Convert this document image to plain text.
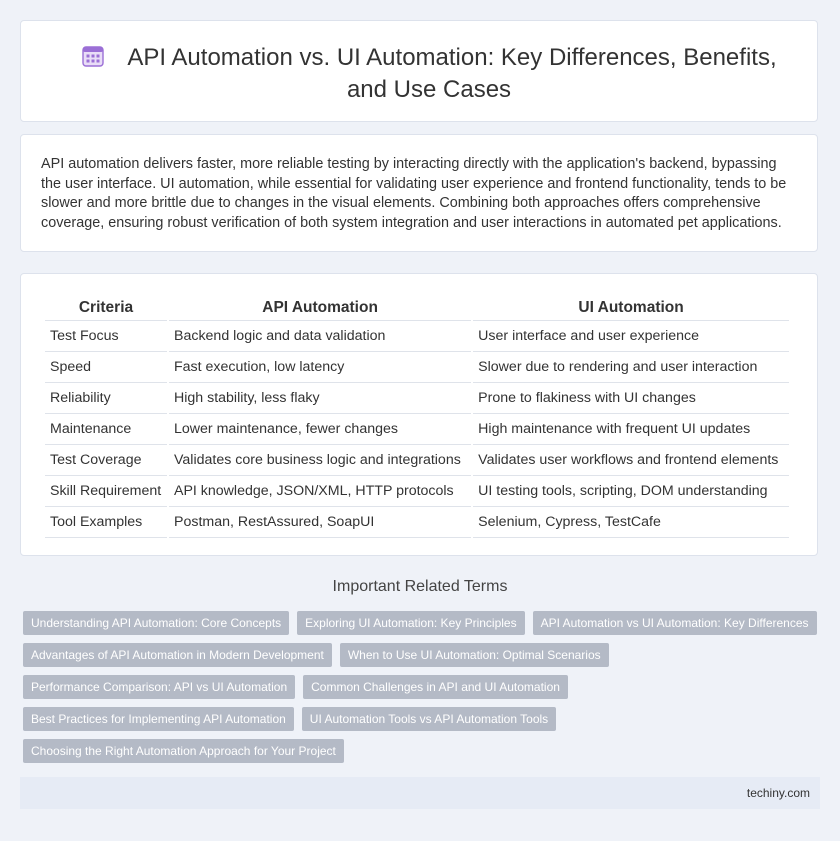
API Automation vs. UI Automation: Key Differences, Benefits, and Use Cases

API automation delivers faster, more reliable testing by interacting directly with the application's backend, bypassing the user interface. UI automation, while essential for validating user experience and frontend functionality, tends to be slower and more brittle due to changes in the visual elements. Combining both approaches offers comprehensive coverage, ensuring robust verification of both system integration and user interactions in automated pet applications.

Criteria	API Automation	UI Automation
Test Focus	Backend logic and data validation	User interface and user experience
Speed	Fast execution, low latency	Slower due to rendering and user interaction
Reliability	High stability, less flaky	Prone to flakiness with UI changes
Maintenance	Lower maintenance, fewer changes	High maintenance with frequent UI updates
Test Coverage	Validates core business logic and integrations	Validates user workflows and frontend elements
Skill Requirement	API knowledge, JSON/XML, HTTP protocols	UI testing tools, scripting, DOM understanding
Tool Examples	Postman, RestAssured, SoapUI	Selenium, Cypress, TestCafe
Important Related Terms
Understanding API Automation: Core Concepts	Exploring UI Automation: Key Principles	API Automation vs UI Automation: Key Differences
Advantages of API Automation in Modern Development	When to Use UI Automation: Optimal Scenarios
Performance Comparison: API vs UI Automation	Common Challenges in API and UI Automation
Best Practices for Implementing API Automation	UI Automation Tools vs API Automation Tools
Choosing the Right Automation Approach for Your Project
techiny.com
